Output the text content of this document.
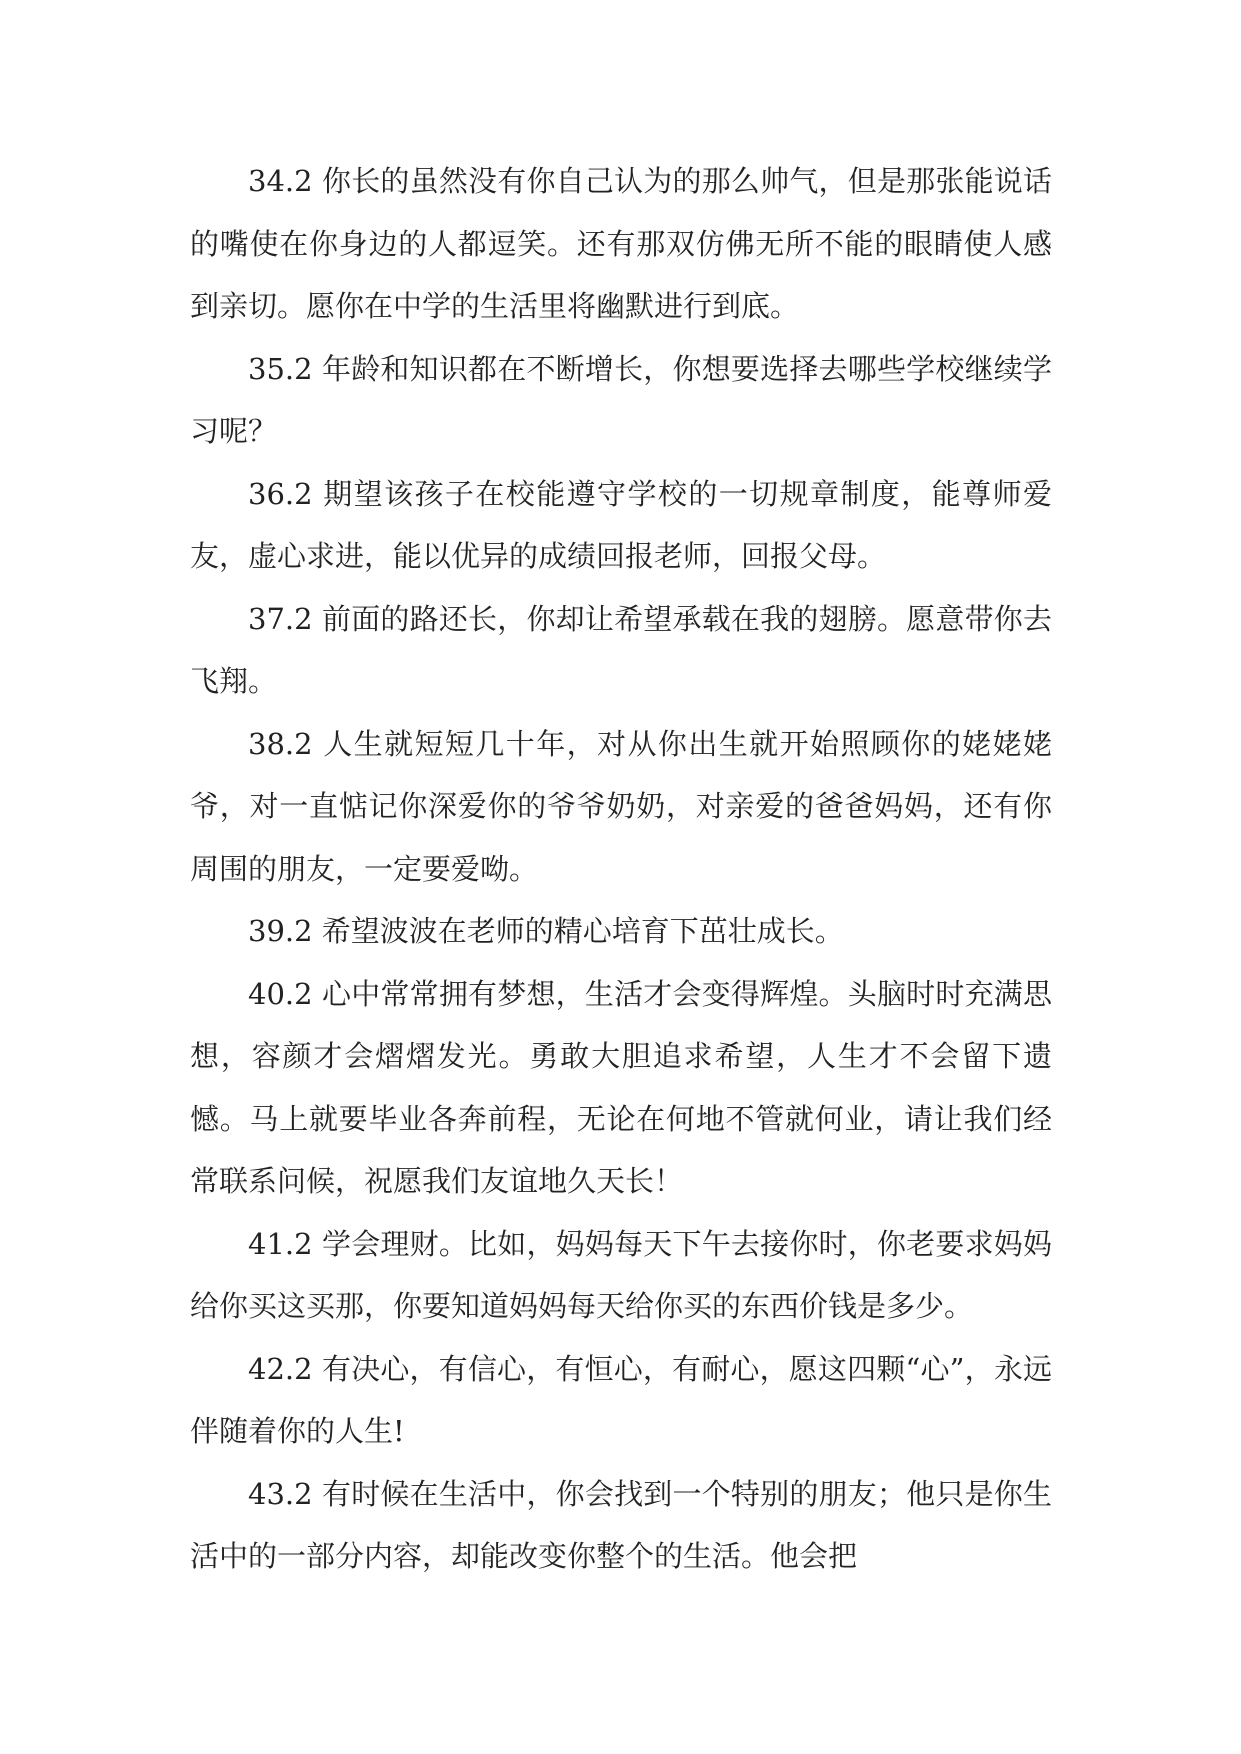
34.2 你长的虽然没有你自己认为的那么帅气，但是那张能说话的嘴使在你身边的人都逗笑。还有那双仿佛无所不能的眼睛使人感到亲切。愿你在中学的生活里将幽默进行到底。

35.2 年龄和知识都在不断增长，你想要选择去哪些学校继续学习呢？

36.2 期望该孩子在校能遵守学校的一切规章制度，能尊师爱友，虚心求进，能以优异的成绩回报老师，回报父母。

37.2 前面的路还长，你却让希望承载在我的翅膀。愿意带你去飞翔。

38.2 人生就短短几十年，对从你出生就开始照顾你的姥姥姥爷，对一直惦记你深爱你的爷爷奶奶，对亲爱的爸爸妈妈，还有你周围的朋友，一定要爱呦。

39.2 希望波波在老师的精心培育下茁壮成长。

40.2 心中常常拥有梦想，生活才会变得辉煌。头脑时时充满思想，容颜才会熠熠发光。勇敢大胆追求希望，人生才不会留下遗憾。马上就要毕业各奔前程，无论在何地不管就何业，请让我们经常联系问候，祝愿我们友谊地久天长！

41.2 学会理财。比如，妈妈每天下午去接你时，你老要求妈妈给你买这买那，你要知道妈妈每天给你买的东西价钱是多少。

42.2 有决心，有信心，有恒心，有耐心，愿这四颗“心”，永远伴随着你的人生!

43.2 有时候在生活中，你会找到一个特别的朋友；他只是你生活中的一部分内容，却能改变你整个的生活。他会把
